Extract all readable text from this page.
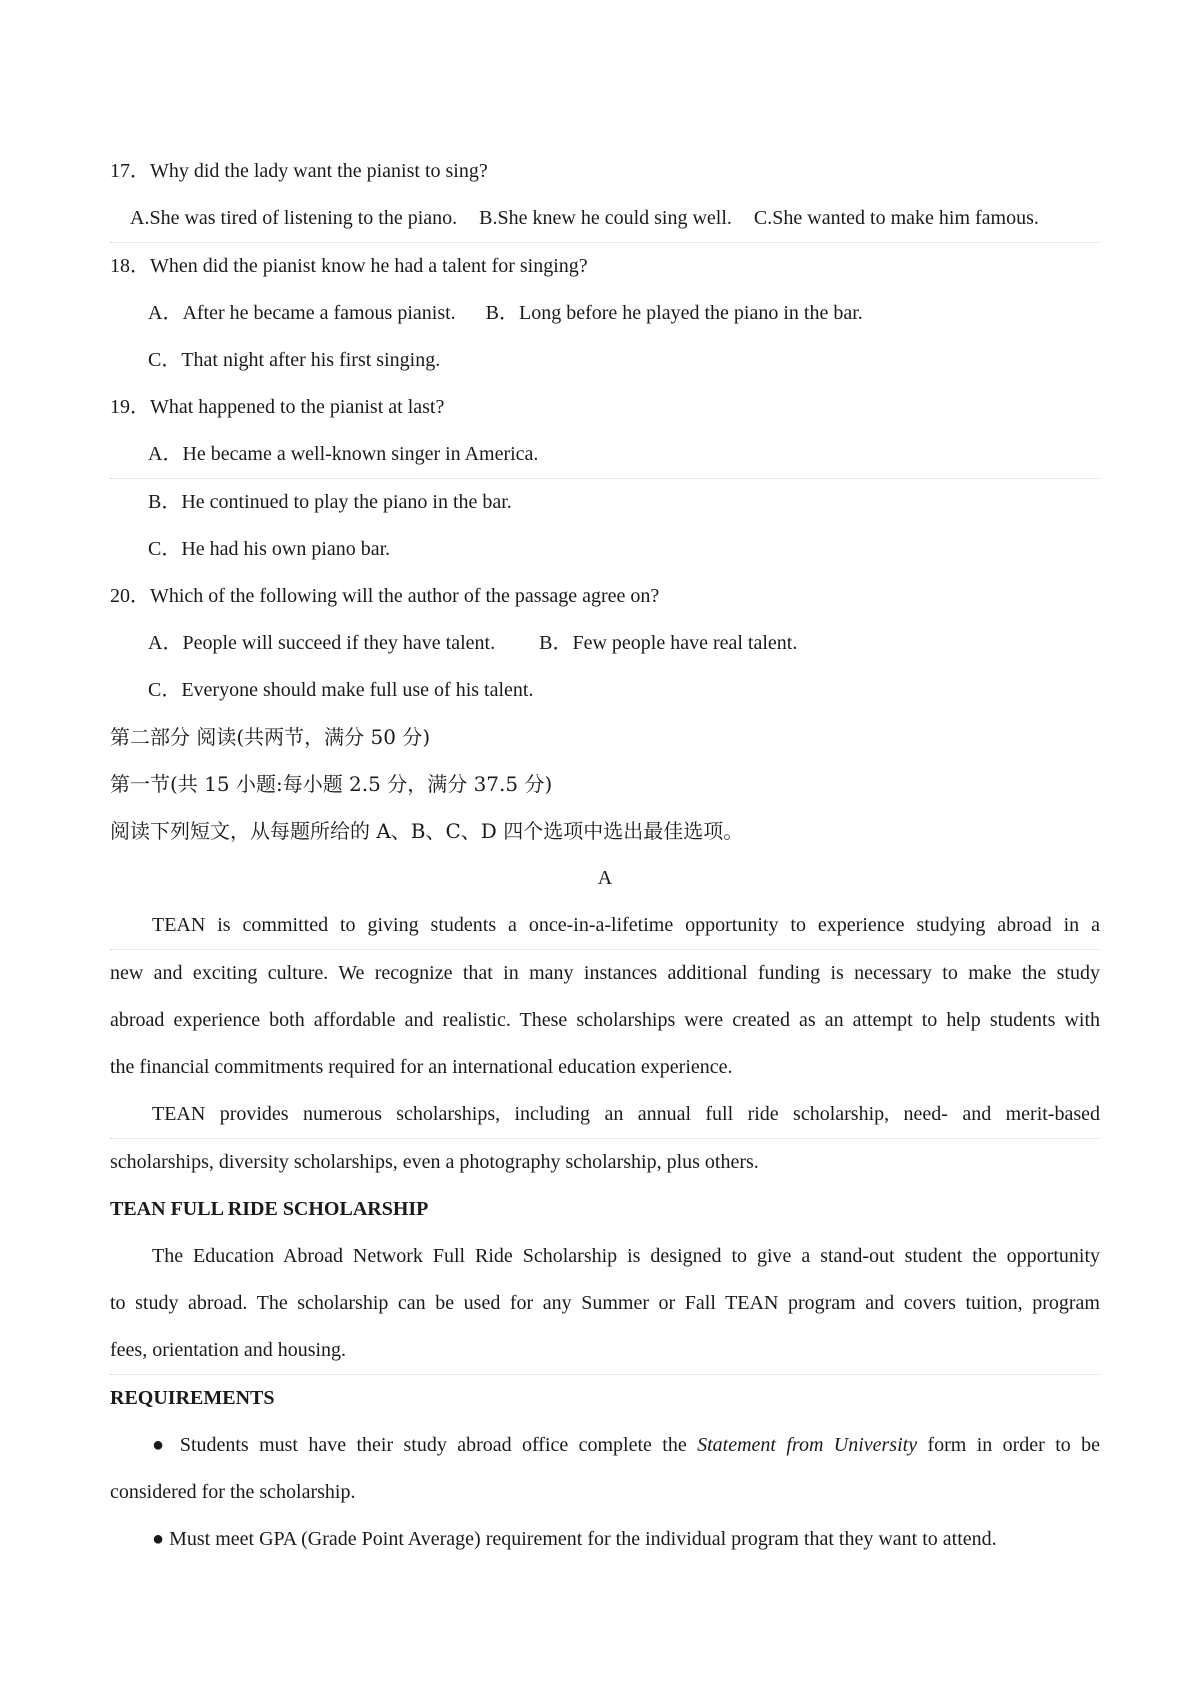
17．Why did the lady want the pianist to sing?
A.She was tired of listening to the piano. B.She knew he could sing well. C.She wanted to make him famous.
18．When did the pianist know he had a talent for singing?
A．After he became a famous pianist. B．Long before he played the piano in the bar.
C．That night after his first singing.
19．What happened to the pianist at last?
A．He became a well-known singer in America.
B．He continued to play the piano in the bar.
C．He had his own piano bar.
20．Which of the following will the author of the passage agree on?
A．People will succeed if they have talent. B．Few people have real talent.
C．Everyone should make full use of his talent.
第二部分 阅读(共两节，满分 50 分)
第一节(共 15 小题:每小题 2.5 分，满分 37.5 分)
阅读下列短文，从每题所给的 A、B、C、D 四个选项中选出最佳选项。
A
TEAN is committed to giving students a once-in-a-lifetime opportunity to experience studying abroad in a
new and exciting culture. We recognize that in many instances additional funding is necessary to make the study
abroad experience both affordable and realistic. These scholarships were created as an attempt to help students with
the financial commitments required for an international education experience.
TEAN provides numerous scholarships, including an annual full ride scholarship, need- and merit-based
scholarships, diversity scholarships, even a photography scholarship, plus others.
TEAN FULL RIDE SCHOLARSHIP
The Education Abroad Network Full Ride Scholarship is designed to give a stand-out student the opportunity
to study abroad. The scholarship can be used for any Summer or Fall TEAN program and covers tuition, program
fees, orientation and housing.
REQUIREMENTS
● Students must have their study abroad office complete the Statement from University form in order to be
considered for the scholarship.
● Must meet GPA (Grade Point Average) requirement for the individual program that they want to attend.
